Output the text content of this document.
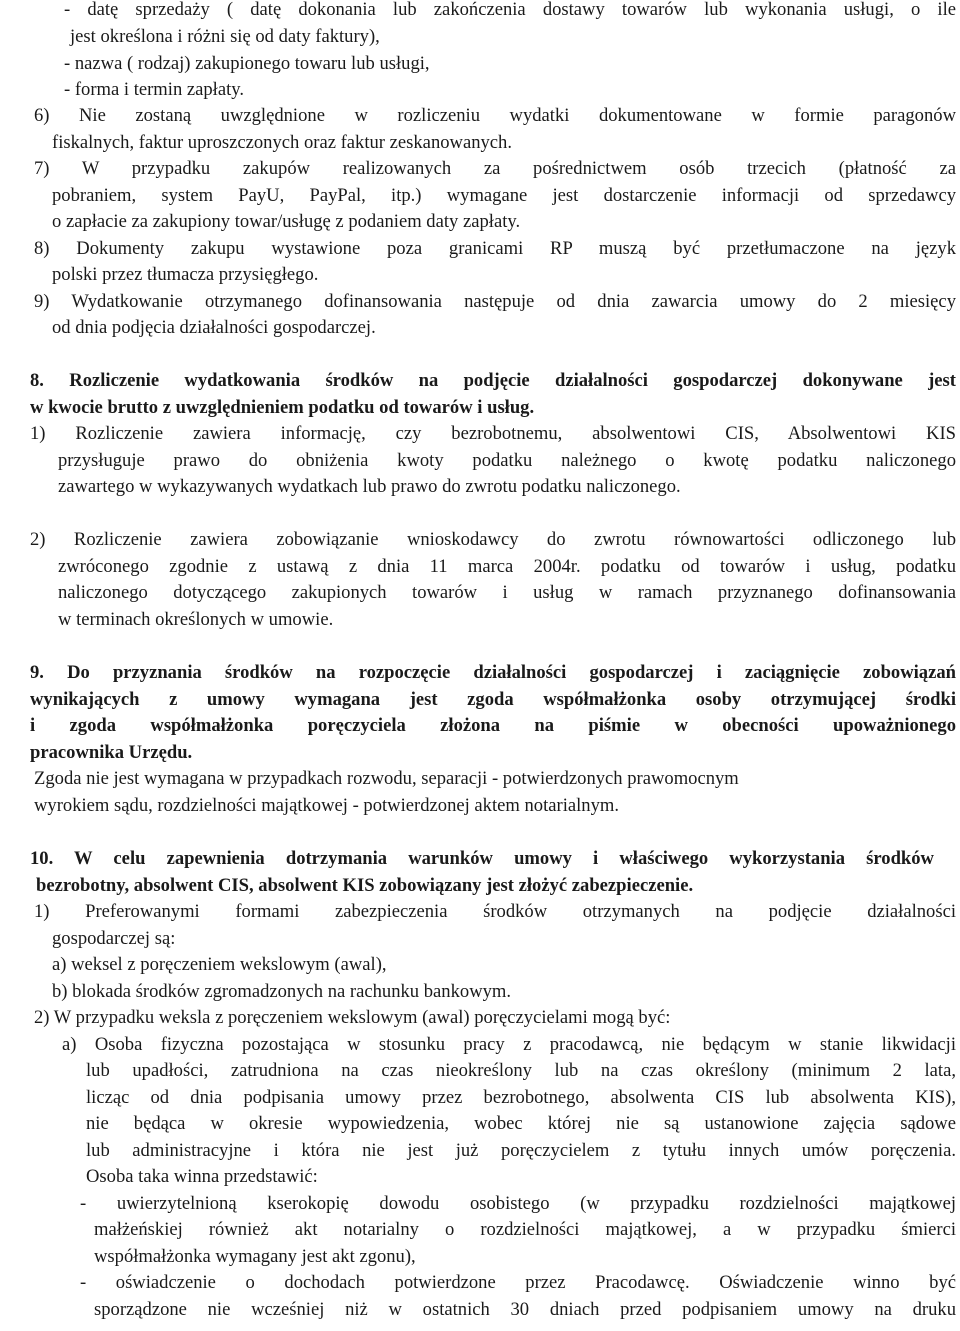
- datę sprzedaży ( datę dokonania lub zakończenia dostawy towarów lub wykonania usługi, o ile
jest określona i różni się od daty faktury),
- nazwa ( rodzaj) zakupionego towaru lub usługi,
- forma i termin zapłaty.
6) Nie zostaną uwzględnione w rozliczeniu wydatki dokumentowane w formie paragonów
fiskalnych, faktur uproszczonych oraz faktur zeskanowanych.
7) W przypadku zakupów realizowanych za pośrednictwem osób trzecich (płatność za
pobraniem, system PayU, PayPal, itp.) wymagane jest dostarczenie informacji od sprzedawcy
o zapłacie za zakupiony towar/usługę z podaniem daty zapłaty.
8) Dokumenty zakupu wystawione poza granicami RP muszą być przetłumaczone na język
polski przez tłumacza przysięgłego.
9) Wydatkowanie otrzymanego dofinansowania następuje od dnia zawarcia umowy do 2 miesięcy
od dnia podjęcia działalności gospodarczej.
8. Rozliczenie wydatkowania środków na podjęcie działalności gospodarczej dokonywane jest
w kwocie brutto z uwzględnieniem podatku od towarów i usług.
1) Rozliczenie zawiera informację, czy bezrobotnemu, absolwentowi CIS, Absolwentowi KIS
przysługuje prawo do obniżenia kwoty podatku należnego o kwotę podatku naliczonego
zawartego w wykazywanych wydatkach lub prawo do zwrotu podatku naliczonego.
2) Rozliczenie zawiera zobowiązanie wnioskodawcy do zwrotu równowartości odliczonego lub
zwróconego zgodnie z ustawą z dnia 11 marca 2004r. podatku od towarów i usług, podatku
naliczonego dotyczącego zakupionych towarów i usług w ramach przyznanego dofinansowania
w terminach określonych w umowie.
9. Do przyznania środków na rozpoczęcie działalności gospodarczej i zaciągnięcie zobowiązań
wynikających z umowy wymagana jest zgoda współmałżonka osoby otrzymującej środki
i zgoda współmałżonka poręczyciela złożona na piśmie w obecności upoważnionego
pracownika Urzędu.
Zgoda nie jest wymagana w przypadkach rozwodu, separacji - potwierdzonych prawomocnym
wyrokiem sądu, rozdzielności majątkowej - potwierdzonej aktem notarialnym.
10. W celu zapewnienia dotrzymania warunków umowy i właściwego wykorzystania środków
bezrobotny, absolwent CIS, absolwent KIS zobowiązany jest złożyć zabezpieczenie.
1) Preferowanymi formami zabezpieczenia środków otrzymanych na podjęcie działalności
gospodarczej są:
a) weksel z poręczeniem wekslowym (awal),
b) blokada środków zgromadzonych na rachunku bankowym.
2) W przypadku weksla z poręczeniem wekslowym (awal) poręczycielami mogą być:
a) Osoba fizyczna pozostająca w stosunku pracy z pracodawcą, nie będącym w stanie likwidacji
lub upadłości, zatrudniona na czas nieokreślony lub na czas określony (minimum 2 lata,
licząc od dnia podpisania umowy przez bezrobotnego, absolwenta CIS lub absolwenta KIS),
nie będąca w okresie wypowiedzenia, wobec której nie są ustanowione zajęcia sądowe
lub administracyjne i która nie jest już poręczycielem z tytułu innych umów poręczenia.
Osoba taka winna przedstawić:
- uwierzytelnioną kserokopię dowodu osobistego (w przypadku rozdzielności majątkowej
małżeńskiej również akt notarialny o rozdzielności majątkowej, a w przypadku śmierci
współmałżonka wymagany jest akt zgonu),
- oświadczenie o dochodach potwierdzone przez Pracodawcę. Oświadczenie winno być
sporządzone nie wcześniej niż w ostatnich 30 dniach przed podpisaniem umowy na druku
